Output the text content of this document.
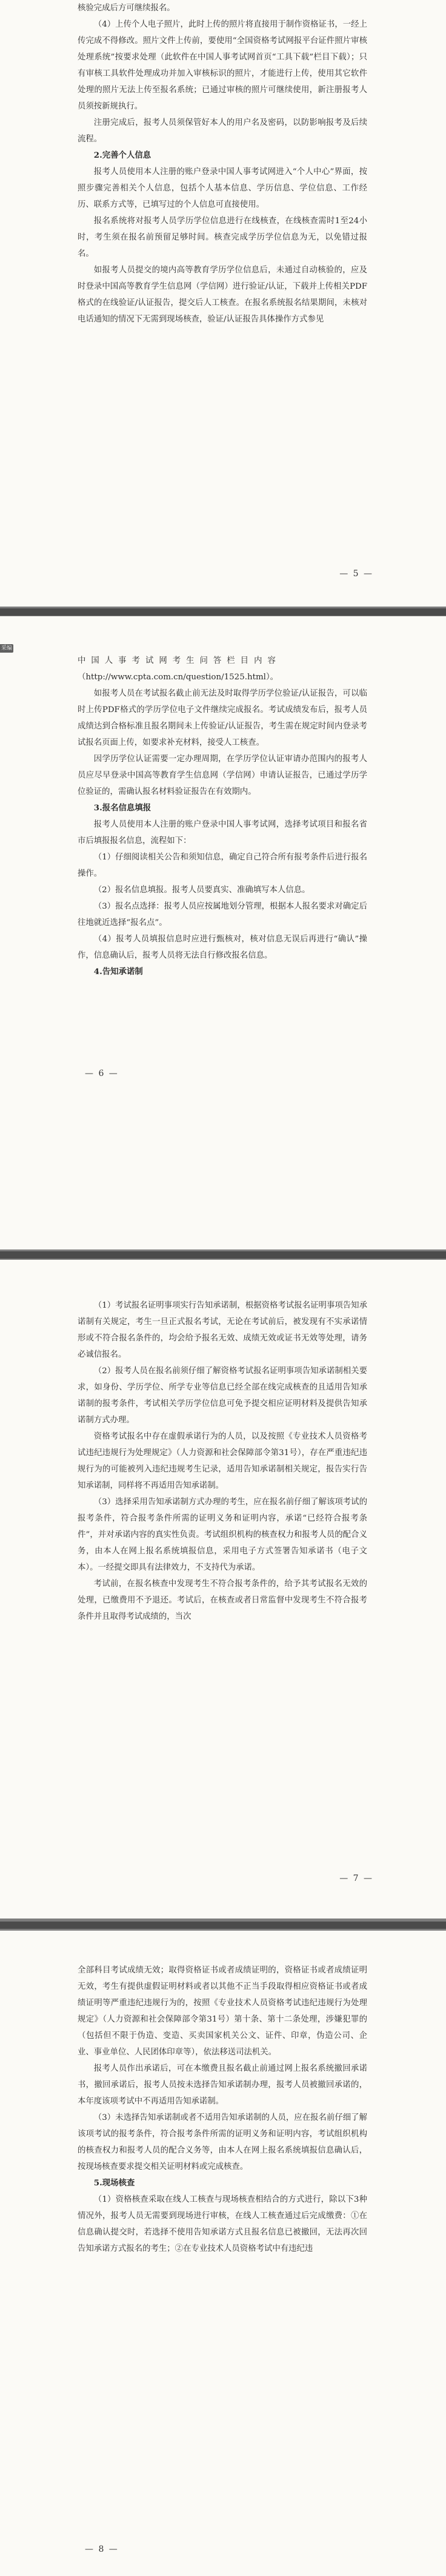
核验完成后方可继续报名。

（4）上传个人电子照片，此时上传的照片将直接用于制作资格证书，一经上传完成不得修改。照片文件上传前，要使用“全国资格考试网报平台证件照片审核处理系统”按要求处理（此软件在中国人事考试网首页“工具下载”栏目下载）；只有审核工具软件处理成功并加入审核标识的照片，才能进行上传，使用其它软件处理的照片无法上传至报名系统；已通过审核的照片可继续使用，新注册报考人员须按新规执行。

注册完成后，报考人员须保管好本人的用户名及密码，以防影响报考及后续流程。

2.完善个人信息

报考人员使用本人注册的账户登录中国人事考试网进入“个人中心”界面，按照步骤完善相关个人信息，包括个人基本信息、学历信息、学位信息、工作经历、联系方式等，已填写过的个人信息可直接使用。

报名系统将对报考人员学历学位信息进行在线核查，在线核查需时1至24小时，考生须在报名前预留足够时间。核查完成学历学位信息为无，以免错过报名。

如报考人员提交的境内高等教育学历学位信息后，未通过自动核验的，应及时登录中国高等教育学生信息网（学信网）进行验证/认证，下载并上传相关PDF格式的在线验证/认证报告，提交后人工核查。在报名系统报名结果期间，未核对电话通知的情况下无需到现场核查，验证/认证报告具体操作方式参见

— 5 —

中国人事考试网考生问答栏目内容

（http://www.cpta.com.cn/question/1525.html）。

如报考人员在考试报名截止前无法及时取得学历学位验证/认证报告，可以临时上传PDF格式的学历学位电子文件继续完成报名。考试成绩发布后，报考人员成绩达到合格标准且报名期间未上传验证/认证报告，考生需在规定时间内登录考试报名页面上传，如要求补充材料，接受人工核查。

因学历学位认证需要一定办理周期，在学历学位认证审请办范围内的报考人员应尽早登录中国高等教育学生信息网（学信网）申请认证报告，已通过学历学位验证的，需确认报名材料验证报告在有效期内。

3.报名信息填报

报考人员使用本人注册的账户登录中国人事考试网，选择考试项目和报名省市后填报报名信息，流程如下：

（1）仔细阅读相关公告和须知信息，确定自己符合所有报考条件后进行报名操作。

（2）报名信息填报。报考人员要真实、准确填写本人信息。

（3）报名点选择：报考人员应按属地划分管理，根据本人报名要求对确定后往地就近选择“报名点”。

（4）报考人员填报信息时应进行甄核对，核对信息无误后再进行“确认”操作，信息确认后，报考人员将无法自行修改报名信息。

4.告知承诺制

— 6 —
采编

（1）考试报名证明事项实行告知承诺制，根据资格考试报名证明事项告知承诺制有关规定，考生一旦正式报名考试，无论在考试前后，被发现有不实承诺情形或不符合报名条件的，均会给予报名无效、成绩无效或证书无效等处理，请务必诚信报名。

（2）报考人员在报名前须仔细了解资格考试报名证明事项告知承诺制相关要求，如身份、学历学位、所学专业等信息已经全部在线完成核查的且适用告知承诺制的报考条件，考试相关学历学位信息可免予提交相应证明材料及提供告知承诺制方式办理。

资格考试报名中存在虚假承诺行为的人员，以及按照《专业技术人员资格考试违纪违规行为处理规定》（人力资源和社会保障部令第31号），存在严重违纪违规行为的可能被列入违纪违规考生记录，适用告知承诺制相关规定，报告实行告知承诺制，同样将不再适用告知承诺制。

（3）选择采用告知承诺制方式办理的考生，应在报名前仔细了解该项考试的报考条件，符合报考条件所需的证明义务和证明内容，承诺“已经符合报考条件”，并对承诺内容的真实性负责。考试组织机构的核查权力和报考人员的配合义务，由本人在网上报名系统填报信息，采用电子方式签署告知承诺书（电子文本）。一经提交即具有法律效力，不支持代为承诺。

考试前，在报名核查中发现考生不符合报考条件的，给予其考试报名无效的处理，已缴费用不予退还。考试后，在核查或者日常监督中发现考生不符合报考条件并且取得考试成绩的，当次

— 7 —

全部科目考试成绩无效；取得资格证书或者成绩证明的，资格证书或者成绩证明无效，考生有提供虚假证明材料或者以其他不正当手段取得相应资格证书或者成绩证明等严重违纪违规行为的，按照《专业技术人员资格考试违纪违规行为处理规定》（人力资源和社会保障部令第31号）第十条、第十二条处理，涉嫌犯罪的（包括但不限于伪造、变造、买卖国家机关公文、证件、印章，伪造公司、企业、事业单位、人民团体印章等），依法移送司法机关。

报考人员作出承诺后，可在本缴费且报名截止前通过网上报名系统撤回承诺书，撤回承诺后，报考人员按未选择告知承诺制办理，报考人员被撤回承诺的，本年度该项考试中不再适用告知承诺制。

（3）未选择告知承诺制或者不适用告知承诺制的人员，应在报名前仔细了解该项考试的报考条件，符合报考条件所需的证明义务和证明内容，考试组织机构的核查权力和报考人员的配合义务等，由本人在网上报名系统填报信息确认后，按现场核查要求提交相关证明材料或完成核查。

5.现场核查

（1）资格核查采取在线人工核查与现场核查相结合的方式进行，除以下3种情况外，报考人员无需要到现场进行审核，在线人工核查通过后完成缴费：①在信息确认提交时，若选择不使用告知承诺方式且报名信息已被撤回，无法再次回告知承诺方式报名的考生；②在专业技术人员资格考试中有违纪违

— 8 —
